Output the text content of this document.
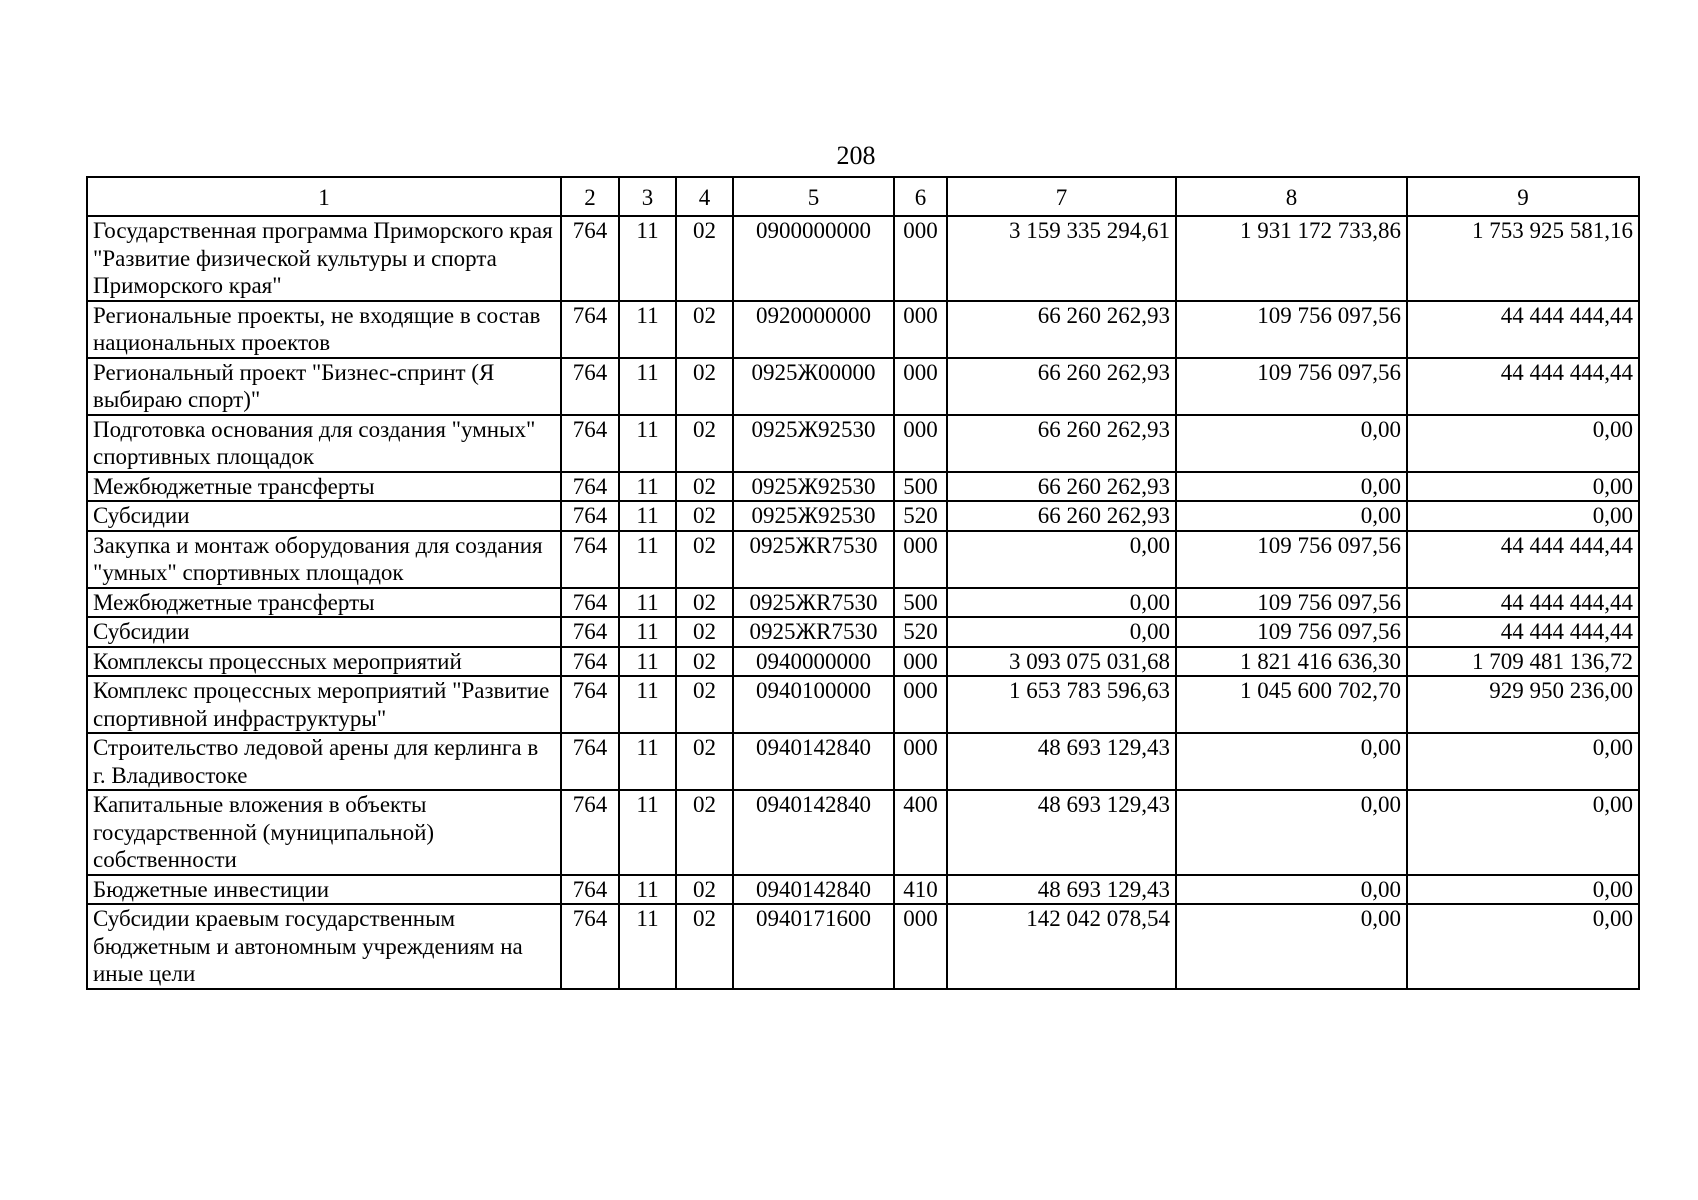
208
1	2	3	4	5	6	7	8	9
Государственная программа Приморского края "Развитие физической культуры и спорта Приморского края"	764	11	02	0900000000	000	3 159 335 294,61	1 931 172 733,86	1 753 925 581,16
Региональные проекты, не входящие в состав национальных проектов	764	11	02	0920000000	000	66 260 262,93	109 756 097,56	44 444 444,44
Региональный проект "Бизнес-спринт (Я выбираю спорт)"	764	11	02	0925Ж00000	000	66 260 262,93	109 756 097,56	44 444 444,44
Подготовка основания для создания "умных" спортивных площадок	764	11	02	0925Ж92530	000	66 260 262,93	0,00	0,00
Межбюджетные трансферты	764	11	02	0925Ж92530	500	66 260 262,93	0,00	0,00
Субсидии	764	11	02	0925Ж92530	520	66 260 262,93	0,00	0,00
Закупка и монтаж оборудования для создания "умных" спортивных площадок	764	11	02	0925ЖR7530	000	0,00	109 756 097,56	44 444 444,44
Межбюджетные трансферты	764	11	02	0925ЖR7530	500	0,00	109 756 097,56	44 444 444,44
Субсидии	764	11	02	0925ЖR7530	520	0,00	109 756 097,56	44 444 444,44
Комплексы процессных мероприятий	764	11	02	0940000000	000	3 093 075 031,68	1 821 416 636,30	1 709 481 136,72
Комплекс процессных мероприятий "Развитие спортивной инфраструктуры"	764	11	02	0940100000	000	1 653 783 596,63	1 045 600 702,70	929 950 236,00
Строительство ледовой арены для керлинга в г. Владивостоке	764	11	02	0940142840	000	48 693 129,43	0,00	0,00
Капитальные вложения в объекты государственной (муниципальной) собственности	764	11	02	0940142840	400	48 693 129,43	0,00	0,00
Бюджетные инвестиции	764	11	02	0940142840	410	48 693 129,43	0,00	0,00
Субсидии краевым государственным бюджетным и автономным учреждениям на иные цели	764	11	02	0940171600	000	142 042 078,54	0,00	0,00
